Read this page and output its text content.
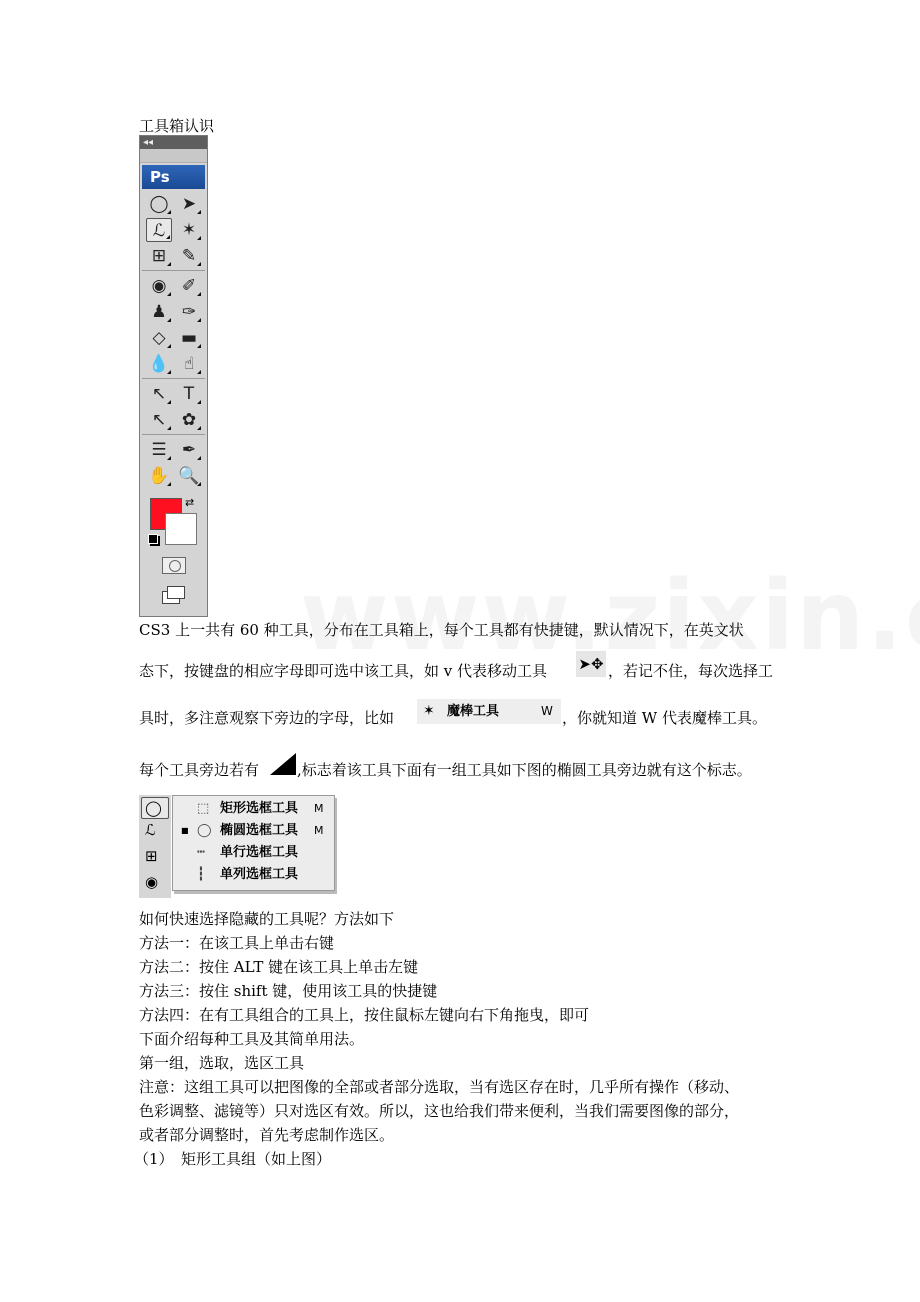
工具箱认识

◂◂
Ps
◯ ➤
ℒ ✶
⊞ ✎
◉ ✐
♟ ✑
◇ ▬
💧 ☝
↖	T
↖ ✿
☰ ✒
✋ 🔍
⇄

CS3 上一共有 60 种工具，分布在工具箱上，每个工具都有快捷键，默认情况下，在英文状

态下，按键盘的相应字母即可选中该工具，如 v 代表移动工具 ➤✥ ，若记不住，每次选择工

具时，多注意观察下旁边的字母，比如 ✶ 魔棒工具	W ，你就知道 W 代表魔棒工具。

每个工具旁边若有	,标志着该工具下面有一组工具如下图的椭圆工具旁边就有这个标志。

◯
ℒ
⊞
◉
⬚ 矩形选框工具 M
■ ◯ 椭圆选框工具 M
┅ 单行选框工具
┇ 单列选框工具

如何快速选择隐藏的工具呢？方法如下

方法一：在该工具上单击右键

方法二：按住 ALT 键在该工具上单击左键

方法三：按住 shift 键，使用该工具的快捷键

方法四：在有工具组合的工具上，按住鼠标左键向右下角拖曳，即可

下面介绍每种工具及其简单用法。

第一组，选取，选区工具

注意：这组工具可以把图像的全部或者部分选取，当有选区存在时，几乎所有操作（移动、

色彩调整、滤镜等）只对选区有效。所以，这也给我们带来便利，当我们需要图像的部分，

或者部分调整时，首先考虑制作选区。

（1）　矩形工具组（如上图）
